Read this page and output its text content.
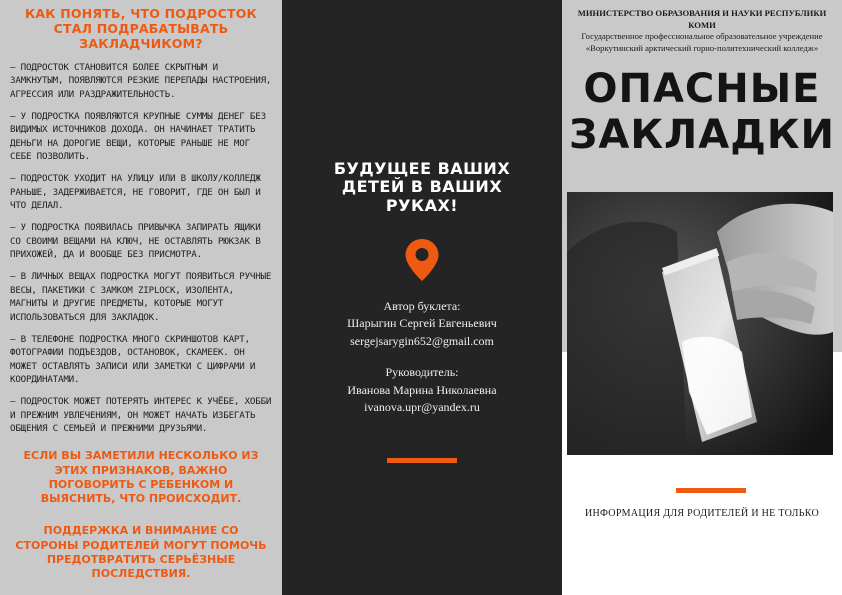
КАК ПОНЯТЬ, ЧТО ПОДРОСТОК СТАЛ ПОДРАБАТЫВАТЬ ЗАКЛАДЧИКОМ?

– ПОДРОСТОК СТАНОВИТСЯ БОЛЕЕ СКРЫТНЫМ И ЗАМКНУТЫМ, ПОЯВЛЯЮТСЯ РЕЗКИЕ ПЕРЕПАДЫ НАСТРОЕНИЯ, АГРЕССИЯ ИЛИ РАЗДРАЖИТЕЛЬНОСТЬ.

– У ПОДРОСТКА ПОЯВЛЯЮТСЯ КРУПНЫЕ СУММЫ ДЕНЕГ БЕЗ ВИДИМЫХ ИСТОЧНИКОВ ДОХОДА. ОН НАЧИНАЕТ ТРАТИТЬ ДЕНЬГИ НА ДОРОГИЕ ВЕЩИ, КОТОРЫЕ РАНЬШЕ НЕ МОГ СЕБЕ ПОЗВОЛИТЬ.

– ПОДРОСТОК УХОДИТ НА УЛИЦУ ИЛИ В ШКОЛУ/КОЛЛЕДЖ РАНЬШЕ, ЗАДЕРЖИВАЕТСЯ, НЕ ГОВОРИТ, ГДЕ ОН БЫЛ И ЧТО ДЕЛАЛ.

– У ПОДРОСТКА ПОЯВИЛАСЬ ПРИВЫЧКА ЗАПИРАТЬ ЯЩИКИ СО СВОИМИ ВЕЩАМИ НА КЛЮЧ, НЕ ОСТАВЛЯТЬ РЮКЗАК В ПРИХОЖЕЙ, ДА И ВООБЩЕ БЕЗ ПРИСМОТРА.

– В ЛИЧНЫХ ВЕЩАХ ПОДРОСТКА МОГУТ ПОЯВИТЬСЯ РУЧНЫЕ ВЕСЫ, ПАКЕТИКИ С ЗАМКОМ ZIPLOCK, ИЗОЛЕНТА, МАГНИТЫ И ДРУГИЕ ПРЕДМЕТЫ, КОТОРЫЕ МОГУТ ИСПОЛЬЗОВАТЬСЯ ДЛЯ ЗАКЛАДОК.

– В ТЕЛЕФОНЕ ПОДРОСТКА МНОГО СКРИНШОТОВ КАРТ, ФОТОГРАФИИ ПОДЪЕЗДОВ, ОСТАНОВОК, СКАМЕЕК. ОН МОЖЕТ ОСТАВЛЯТЬ ЗАПИСИ ИЛИ ЗАМЕТКИ С ЦИФРАМИ И КООРДИНАТАМИ.

– ПОДРОСТОК МОЖЕТ ПОТЕРЯТЬ ИНТЕРЕС К УЧЁБЕ, ХОББИ И ПРЕЖНИМ УВЛЕЧЕНИЯМ, ОН МОЖЕТ НАЧАТЬ ИЗБЕГАТЬ ОБЩЕНИЯ С СЕМЬЕЙ И ПРЕЖНИМИ ДРУЗЬЯМИ.

ЕСЛИ ВЫ ЗАМЕТИЛИ НЕСКОЛЬКО ИЗ ЭТИХ ПРИЗНАКОВ, ВАЖНО ПОГОВОРИТЬ С РЕБЕНКОМ И ВЫЯСНИТЬ, ЧТО ПРОИСХОДИТ.

ПОДДЕРЖКА И ВНИМАНИЕ СО СТОРОНЫ РОДИТЕЛЕЙ МОГУТ ПОМОЧЬ ПРЕДОТВРАТИТЬ СЕРЬЁЗНЫЕ ПОСЛЕДСТВИЯ.

БУДУЩЕЕ ВАШИХ
ДЕТЕЙ В ВАШИХ
РУКАХ!
Автор буклета:
Шарыгин Сергей Евгеньевич
sergejsarygin652@gmail.com
Руководитель:
Иванова Марина Николаевна
ivanova.upr@yandex.ru
МИНИСТЕРСТВО ОБРАЗОВАНИЯ И НАУКИ РЕСПУБЛИКИ КОМИ
Государственное профессиональное образовательное учреждение
«Воркутинский арктический горно-политехнический колледж»
ОПАСНЫЕ
ЗАКЛАДКИ
ИНФОРМАЦИЯ ДЛЯ РОДИТЕЛЕЙ И НЕ ТОЛЬКО
